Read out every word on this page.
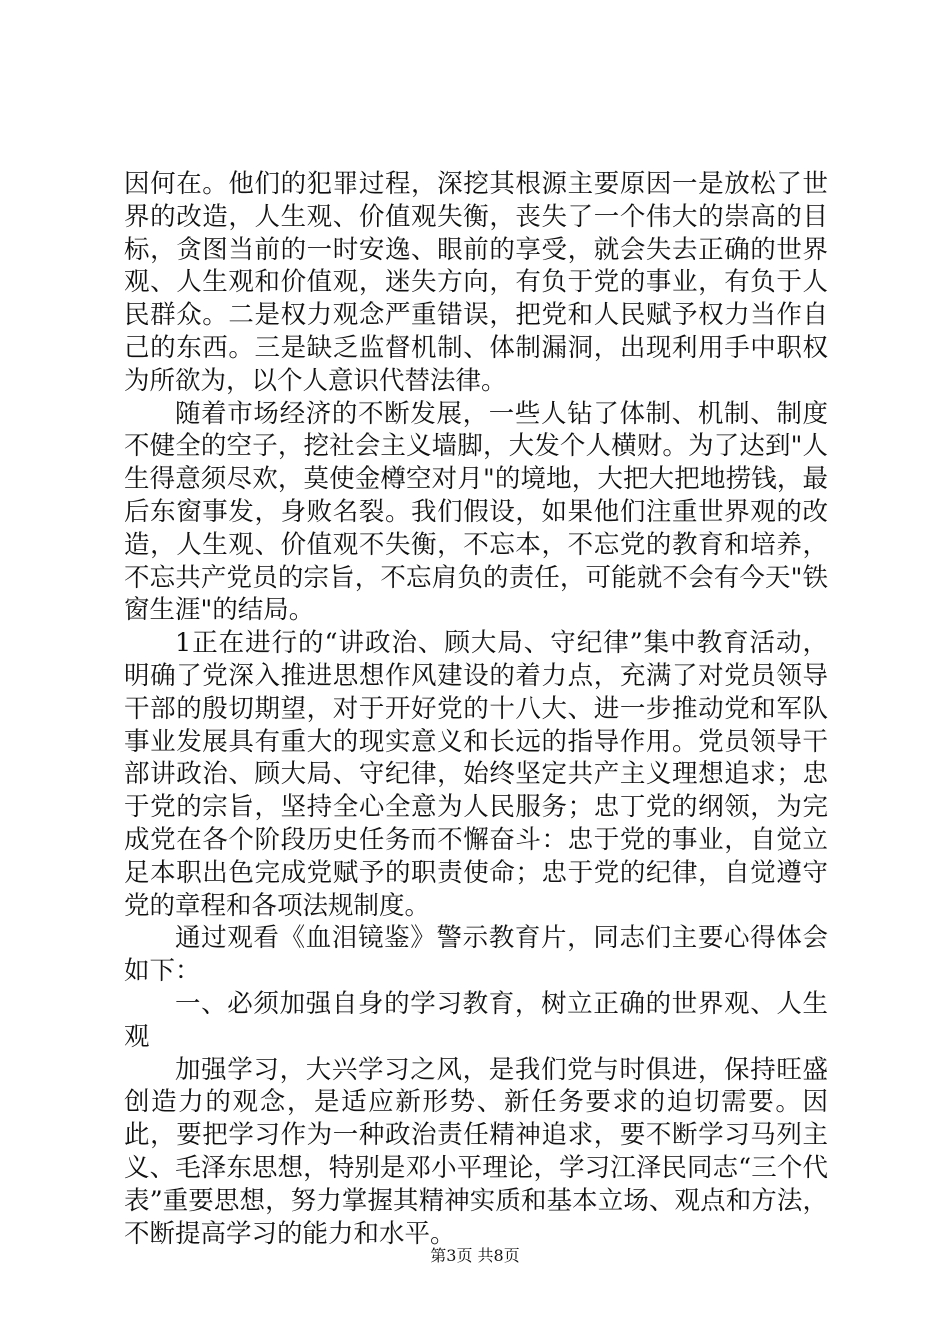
因何在。他们的犯罪过程，深挖其根源主要原因一是放松了世界的改造，人生观、价值观失衡，丧失了一个伟大的崇高的目标，贪图当前的一时安逸、眼前的享受，就会失去正确的世界观、人生观和价值观，迷失方向，有负于党的事业，有负于人民群众。二是权力观念严重错误，把党和人民赋予权力当作自己的东西。三是缺乏监督机制、体制漏洞，出现利用手中职权为所欲为，以个人意识代替法律。

随着市场经济的不断发展，一些人钻了体制、机制、制度不健全的空子，挖社会主义墙脚，大发个人横财。为了达到"人生得意须尽欢，莫使金樽空对月"的境地，大把大把地捞钱，最后东窗事发，身败名裂。我们假设，如果他们注重世界观的改造，人生观、价值观不失衡，不忘本，不忘党的教育和培养，不忘共产党员的宗旨，不忘肩负的责任，可能就不会有今天"铁窗生涯"的结局。

1正在进行的“讲政治、顾大局、守纪律”集中教育活动，明确了党深入推进思想作风建设的着力点，充满了对党员领导干部的殷切期望，对于开好党的十八大、进一步推动党和军队事业发展具有重大的现实意义和长远的指导作用。党员领导干部讲政治、顾大局、守纪律，始终坚定共产主义理想追求；忠于党的宗旨，坚持全心全意为人民服务；忠丁党的纲领，为完成党在各个阶段历史任务而不懈奋斗：忠于党的事业，自觉立足本职出色完成党赋予的职责使命；忠于党的纪律，自觉遵守党的章程和各项法规制度。

通过观看《血泪镜鉴》警示教育片，同志们主要心得体会如下：

一、必须加强自身的学习教育，树立正确的世界观、人生观

加强学习，大兴学习之风，是我们党与时俱进，保持旺盛创造力的观念，是适应新形势、新任务要求的迫切需要。因此，要把学习作为一种政治责任精神追求，要不断学习马列主义、毛泽东思想，特别是邓小平理论，学习江泽民同志“三个代表”重要思想，努力掌握其精神实质和基本立场、观点和方法，不断提高学习的能力和水平。

第3页 共8页
